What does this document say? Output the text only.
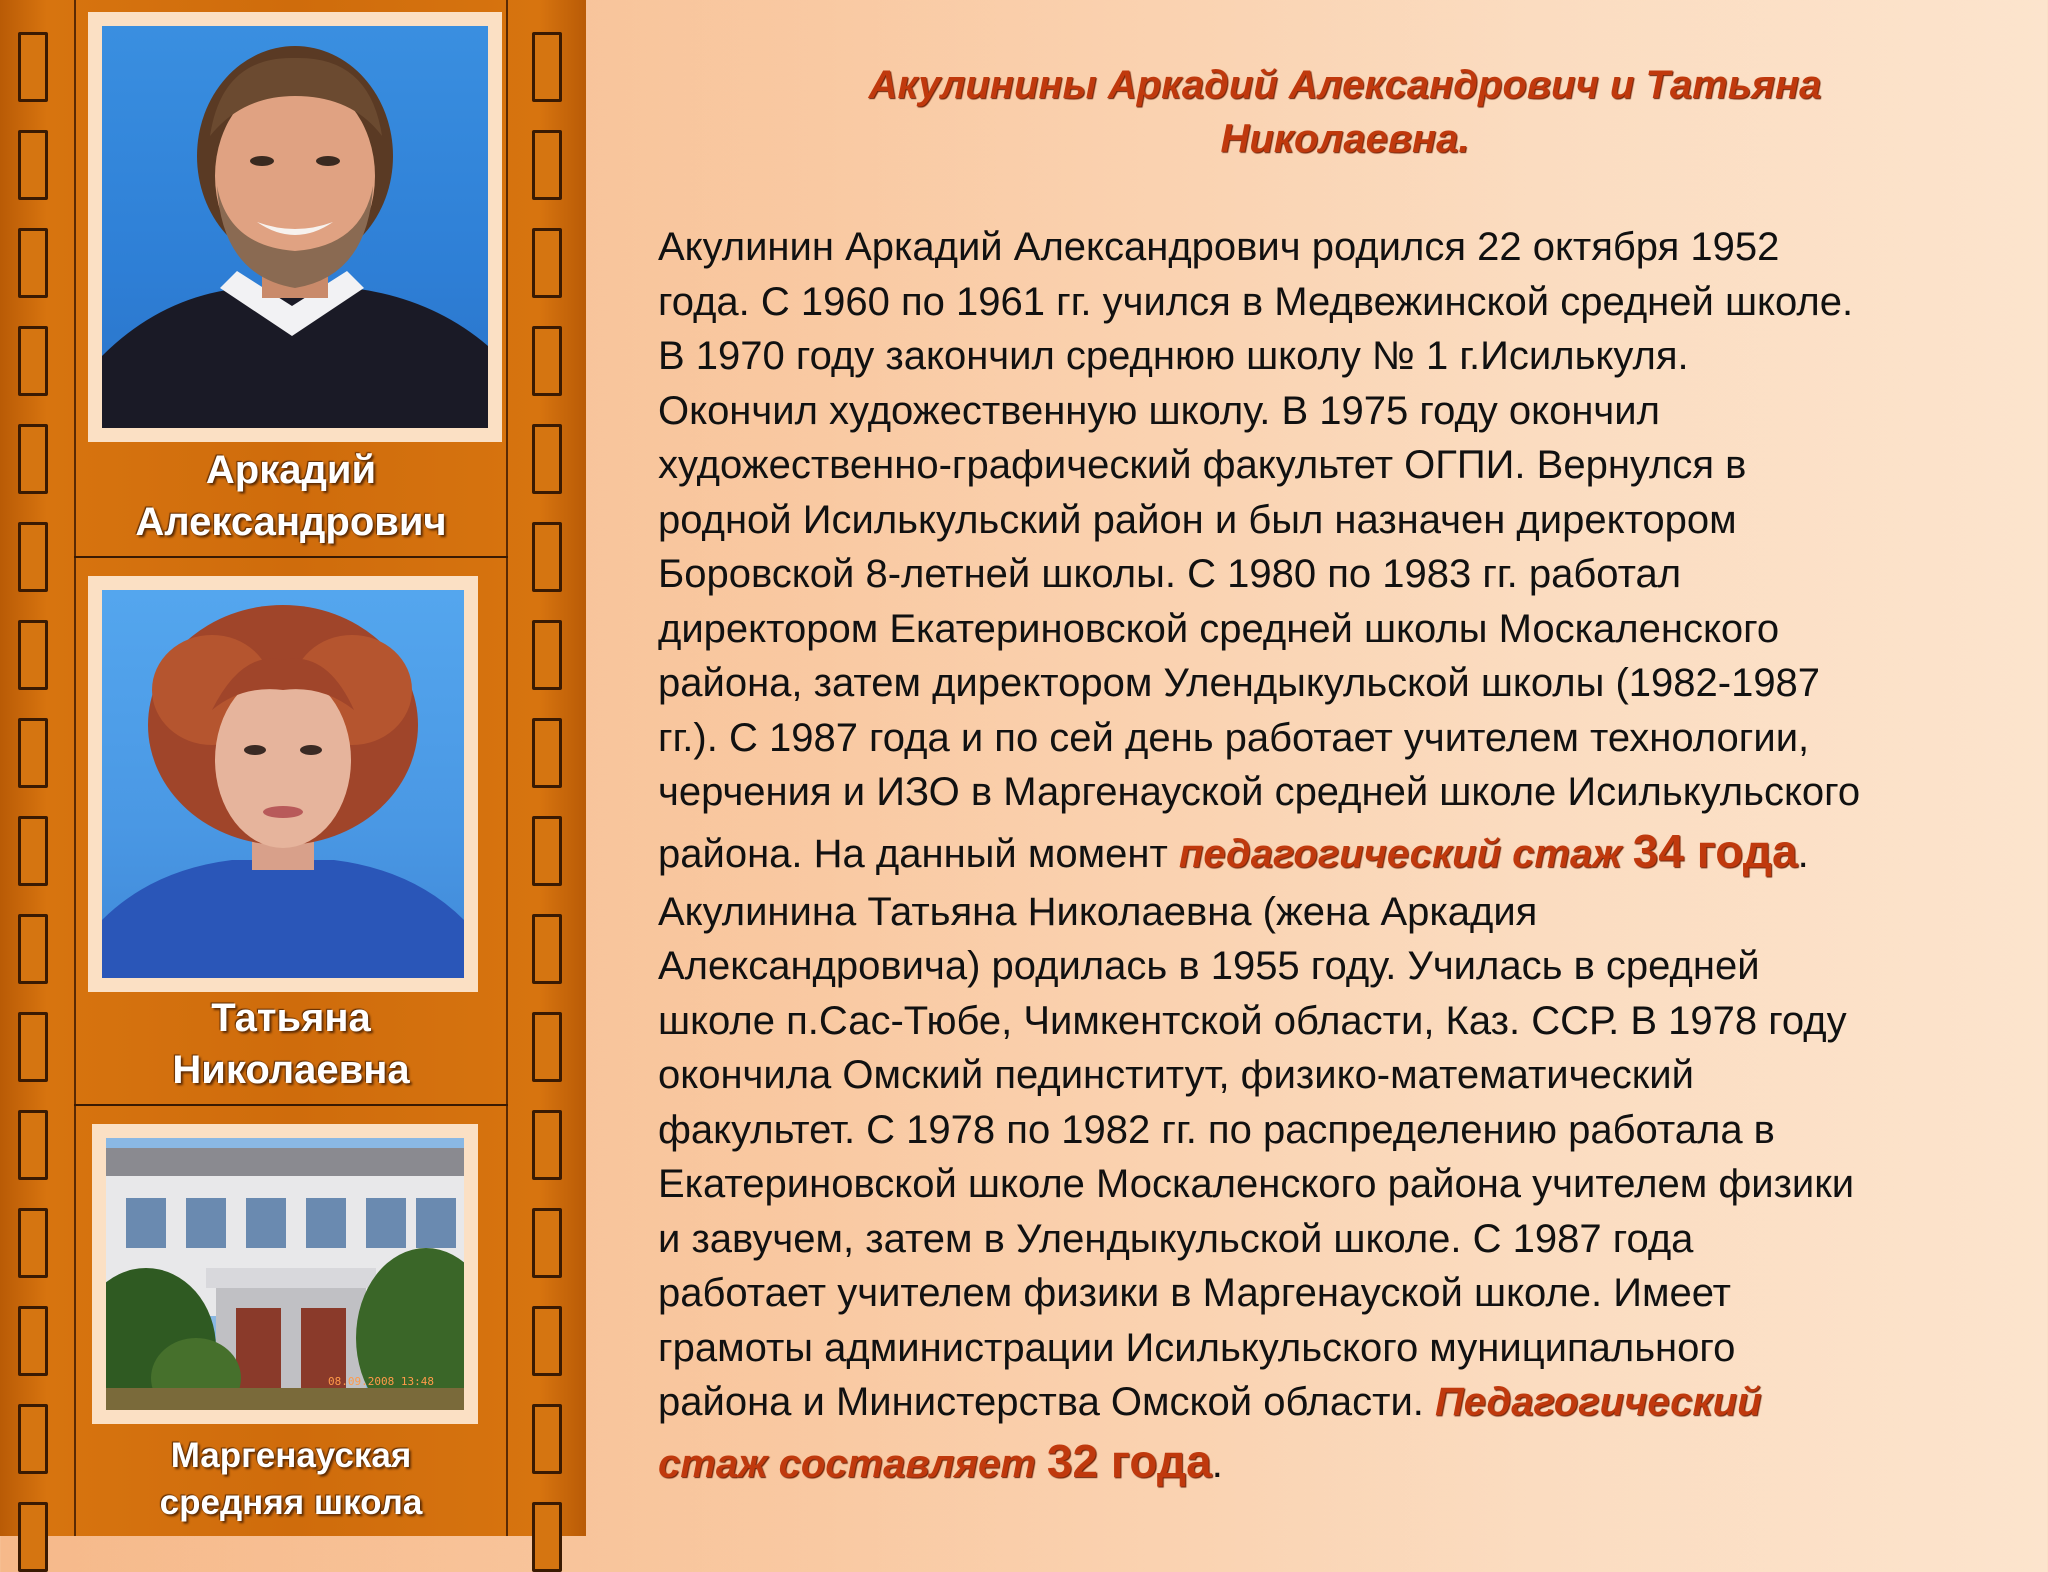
Аркадий
Александрович
Татьяна
Николаевна
08.09.2008 13:48
Маргенауская
средняя школа
Акулинины Аркадий Александрович и Татьяна
Николаевна.
Акулинин Аркадий Александрович родился 22 октября 1952
года. С 1960 по 1961 гг. учился в Медвежинской средней школе.
В 1970 году закончил среднюю школу № 1 г.Исилькуля.
Окончил художественную школу. В 1975 году окончил
художественно-графический факультет ОГПИ. Вернулся в
родной Исилькульский район и был назначен директором
Боровской 8-летней школы. С 1980 по 1983 гг. работал
директором Екатериновской средней школы Москаленского
района, затем директором Улендыкульской школы (1982-1987
гг.). С 1987 года и по сей день работает учителем технологии,
черчения и ИЗО в Маргенауской средней школе Исилькульского
района. На данный момент педагогический стаж 34 года.
Акулинина Татьяна Николаевна (жена Аркадия
Александровича) родилась в 1955 году. Училась в средней
школе п.Сас-Тюбе, Чимкентской области, Каз. ССР. В 1978 году
окончила Омский пединститут, физико-математический
факультет. С 1978 по 1982 гг. по распределению работала в
Екатериновской школе Москаленского района учителем физики
и завучем, затем в Улендыкульской школе. С 1987 года
работает учителем физики в Маргенауской школе. Имеет
грамоты администрации Исилькульского муниципального
района и Министерства Омской области. Педагогический
стаж составляет 32 года.
